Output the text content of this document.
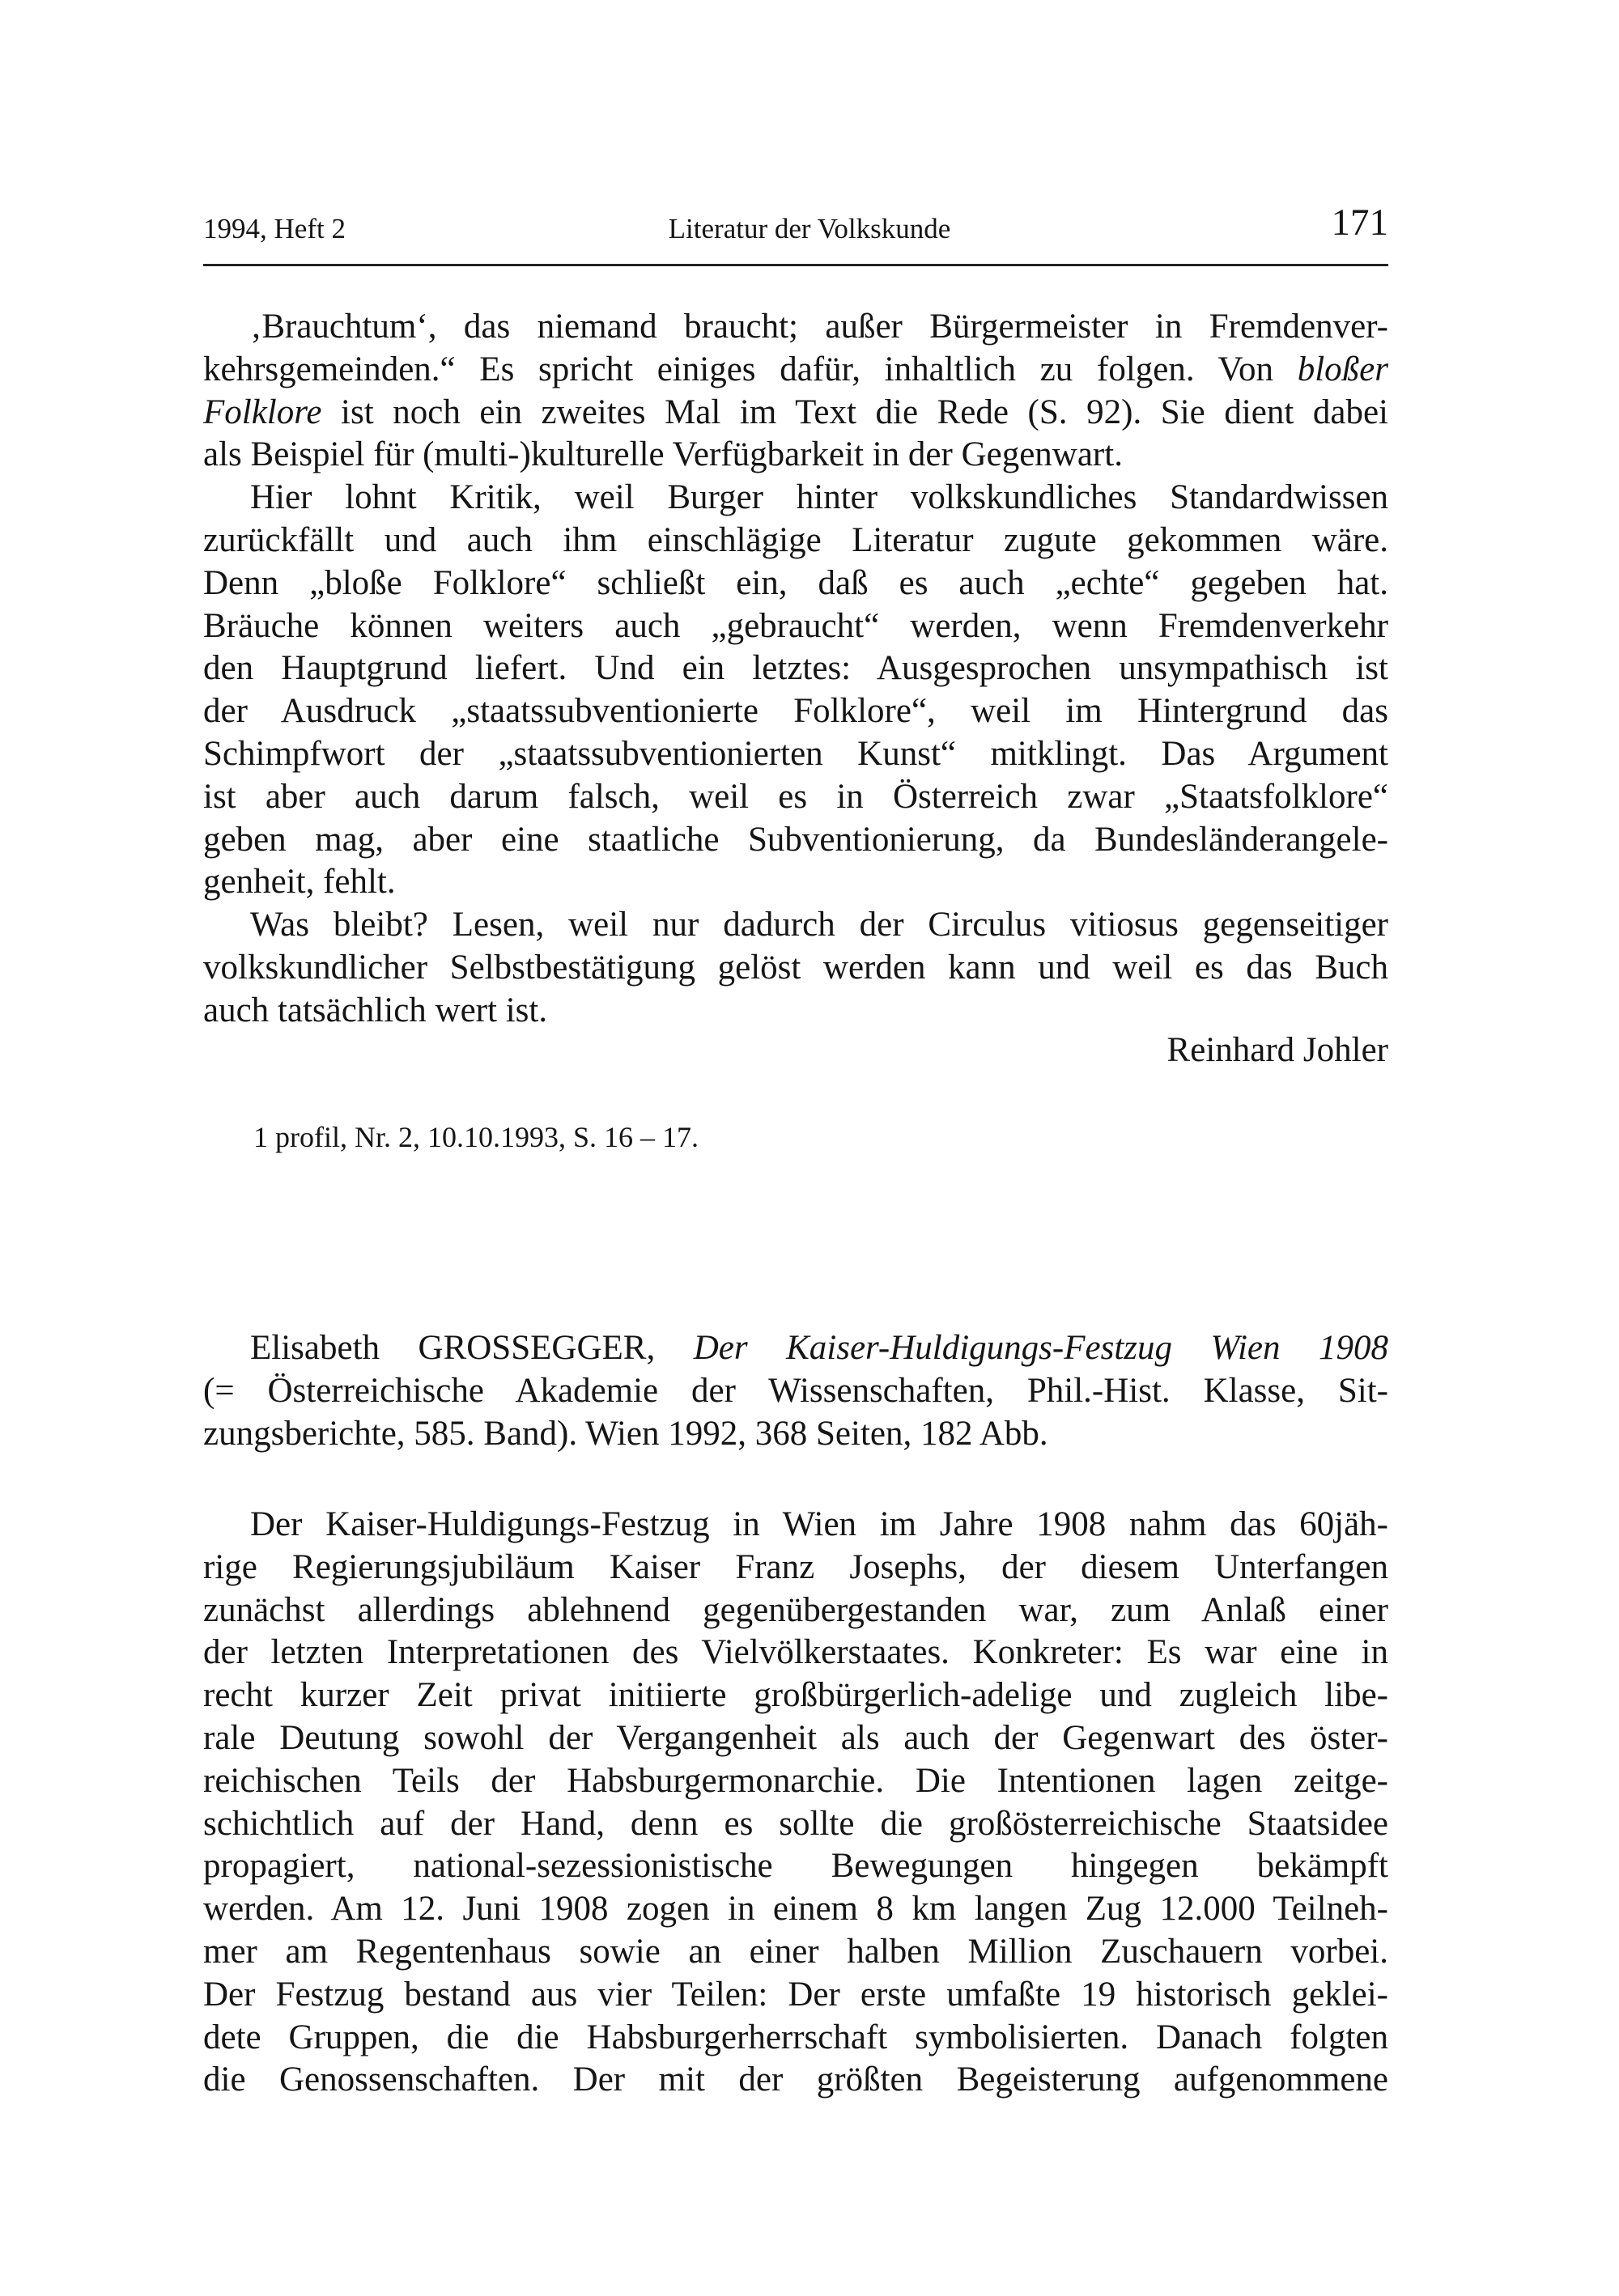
1994, Heft 2	Literatur der Volkskunde	171
‚Brauchtum‘, das niemand braucht; außer Bürgermeister in Fremdenver-
kehrsgemeinden.“ Es spricht einiges dafür, inhaltlich zu folgen. Von bloßer
Folklore ist noch ein zweites Mal im Text die Rede (S. 92). Sie dient dabei
als Beispiel für (multi-)kulturelle Verfügbarkeit in der Gegenwart.
Hier lohnt Kritik, weil Burger hinter volkskundliches Standardwissen
zurückfällt und auch ihm einschlägige Literatur zugute gekommen wäre.
Denn „bloße Folklore“ schließt ein, daß es auch „echte“ gegeben hat.
Bräuche können weiters auch „gebraucht“ werden, wenn Fremdenverkehr
den Hauptgrund liefert. Und ein letztes: Ausgesprochen unsympathisch ist
der Ausdruck „staatssubventionierte Folklore“, weil im Hintergrund das
Schimpfwort der „staatssubventionierten Kunst“ mitklingt. Das Argument
ist aber auch darum falsch, weil es in Österreich zwar „Staatsfolklore“
geben mag, aber eine staatliche Subventionierung, da Bundesländerangele-
genheit, fehlt.
Was bleibt? Lesen, weil nur dadurch der Circulus vitiosus gegenseitiger
volkskundlicher Selbstbestätigung gelöst werden kann und weil es das Buch
auch tatsächlich wert ist.
Reinhard Johler
1 profil, Nr. 2, 10.10.1993, S. 16 – 17.
Elisabeth GROSSEGGER, Der Kaiser-Huldigungs-Festzug Wien 1908
(= Österreichische Akademie der Wissenschaften, Phil.-Hist. Klasse, Sit-
zungsberichte, 585. Band). Wien 1992, 368 Seiten, 182 Abb.
Der Kaiser-Huldigungs-Festzug in Wien im Jahre 1908 nahm das 60jäh-
rige Regierungsjubiläum Kaiser Franz Josephs, der diesem Unterfangen
zunächst allerdings ablehnend gegenübergestanden war, zum Anlaß einer
der letzten Interpretationen des Vielvölkerstaates. Konkreter: Es war eine in
recht kurzer Zeit privat initiierte großbürgerlich-adelige und zugleich libe-
rale Deutung sowohl der Vergangenheit als auch der Gegenwart des öster-
reichischen Teils der Habsburgermonarchie. Die Intentionen lagen zeitge-
schichtlich auf der Hand, denn es sollte die großösterreichische Staatsidee
propagiert, national-sezessionistische Bewegungen hingegen bekämpft
werden. Am 12. Juni 1908 zogen in einem 8 km langen Zug 12.000 Teilneh-
mer am Regentenhaus sowie an einer halben Million Zuschauern vorbei.
Der Festzug bestand aus vier Teilen: Der erste umfaßte 19 historisch geklei-
dete Gruppen, die die Habsburgerherrschaft symbolisierten. Danach folgten
die Genossenschaften. Der mit der größten Begeisterung aufgenommene
